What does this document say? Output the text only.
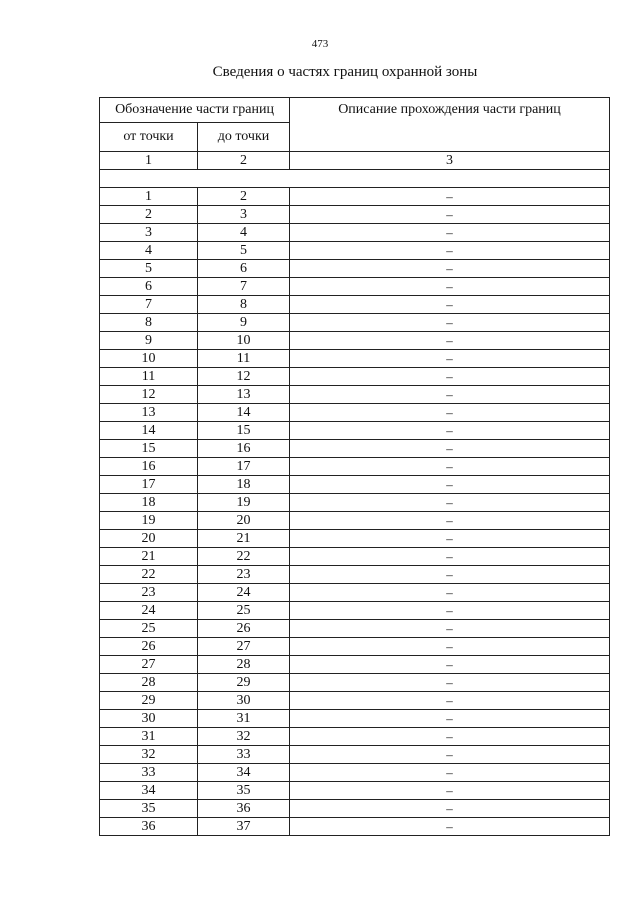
473
Сведения о частях границ охранной зоны
Обозначение части границ		Описание прохождения части границ
от точки	до точки	
1	2	3

1	2	–
2	3	–
3	4	–
4	5	–
5	6	–
6	7	–
7	8	–
8	9	–
9	10	–
10	11	–
11	12	–
12	13	–
13	14	–
14	15	–
15	16	–
16	17	–
17	18	–
18	19	–
19	20	–
20	21	–
21	22	–
22	23	–
23	24	–
24	25	–
25	26	–
26	27	–
27	28	–
28	29	–
29	30	–
30	31	–
31	32	–
32	33	–
33	34	–
34	35	–
35	36	–
36	37	–
